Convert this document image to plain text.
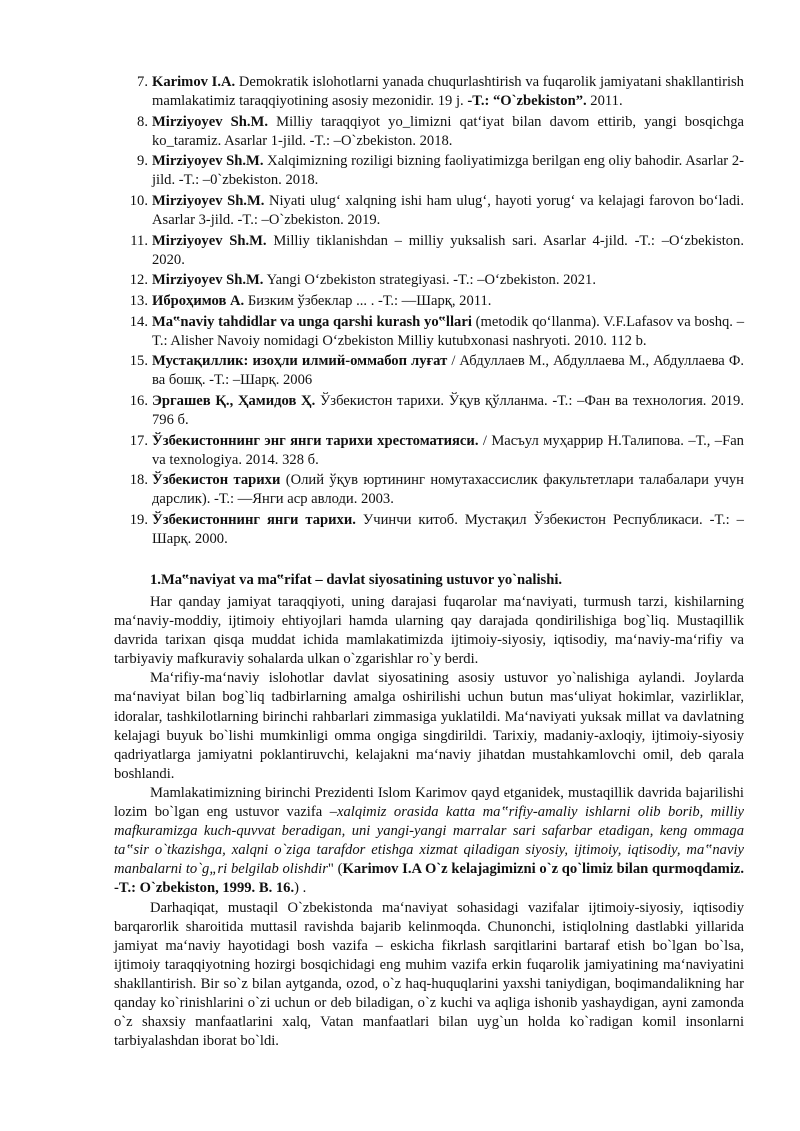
7. Karimov I.A. Demokratik islohotlarni yanada chuqurlashtirish va fuqarolik jamiyatani shakllantirish mamlakatimiz taraqqiyotining asosiy mezonidir. 19 j. -T.: “O`zbekiston”. 2011.
8. Mirziyoyev Sh.M. Milliy taraqqiyot yo_limizni qat‘iyat bilan davom ettirib, yangi bosqichga ko_taramiz. Asarlar 1-jild. -T.: –O`zbekiston. 2018.
9. Mirziyoyev Sh.M. Xalqimizning roziligi bizning faoliyatimizga berilgan eng oliy bahodir. Asarlar 2-jild. -T.: –0`zbekiston. 2018.
10. Mirziyoyev Sh.M. Niyati ulug‘ xalqning ishi ham ulug‘, hayoti yorug‘ va kelajagi farovon bo‘ladi. Asarlar 3-jild. -T.: –O`zbekiston. 2019.
11. Mirziyoyev Sh.M. Milliy tiklanishdan – milliy yuksalish sari. Asarlar 4-jild. -T.: –O‘zbekiston. 2020.
12. Mirziyoyev Sh.M. Yangi O‘zbekiston strategiyasi. -T.: –O‘zbekiston. 2021.
13. Иброҳимов А. Бизким ўзбеклар ... . -Т.: —Шарқ, 2011.
14. Ma‟naviy tahdidlar va unga qarshi kurash yo‟llari (metodik qo‘llanma). V.F.Lafasov va boshq. –T.: Alisher Navoiy nomidagi O‘zbekiston Milliy kutubxonasi nashryoti. 2010. 112 b.
15. Мустақиллик: изоҳли илмий-оммабоп луғат / Абдуллаев М., Абдуллаева М., Абдуллаева Ф. ва бошқ. -Т.: –Шарқ. 2006
16. Эргашев Қ., Ҳамидов Ҳ. Ўзбекистон тарихи. Ўқув қўлланма. -Т.: –Фан ва технология. 2019. 796 б.
17. Ўзбекистоннинг энг янги тарихи хрестоматияси. / Масъул муҳаррир Н.Талипова. –Т., –Fan va texnologiya. 2014. 328 б.
18. Ўзбекистон тарихи (Олий ўқув юртининг номутахассислик факультетлари талабалари учун дарслик). -Т.: —Янги аср авлоди. 2003.
19. Ўзбекистоннинг янги тарихи. Учинчи китоб. Мустақил Ўзбекистон Республикаси. -Т.: –Шарқ. 2000.
1.Ma‟naviyat va ma‟rifat – davlat siyosatining ustuvor yo`nalishi.

Har qanday jamiyat taraqqiyoti, uning darajasi fuqarolar ma‘naviyati, turmush tarzi, kishilarning ma‘naviy-moddiy, ijtimoiy ehtiyojlari hamda ularning qay darajada qondirilishiga bog`liq. Mustaqillik davrida tarixan qisqa muddat ichida mamlakatimizda ijtimoiy-siyosiy, iqtisodiy, ma‘naviy-ma‘rifiy va tarbiyaviy mafkuraviy sohalarda ulkan o`zgarishlar ro`y berdi.

Ma‘rifiy-ma‘naviy islohotlar davlat siyosatining asosiy ustuvor yo`nalishiga aylandi. Joylarda ma‘naviyat bilan bog`liq tadbirlarning amalga oshirilishi uchun butun mas‘uliyat hokimlar, vazirliklar, idoralar, tashkilotlarning birinchi rahbarlari zimmasiga yuklatildi. Ma‘naviyati yuksak millat va davlatning kelajagi buyuk bo`lishi mumkinligi omma ongiga singdirildi. Tarixiy, madaniy-axloqiy, ijtimoiy-siyosiy qadriyatlarga jamiyatni poklantiruvchi, kelajakni ma‘naviy jihatdan mustahkamlovchi omil, deb qarala boshlandi.

Mamlakatimizning birinchi Prezidenti Islom Karimov qayd etganidek, mustaqillik davrida bajarilishi lozim bo`lgan eng ustuvor vazifa –xalqimiz orasida katta ma‟rifiy-amaliy ishlarni olib borib, milliy mafkuramizga kuch-quvvat beradigan, uni yangi-yangi marralar sari safarbar etadigan, keng ommaga ta‟sir o`tkazishga, xalqni o`ziga tarafdor etishga xizmat qiladigan siyosiy, ijtimoiy, iqtisodiy, ma‟naviy manbalarni to`g„ri belgilab olishdir" (Karimov I.A O`z kelajagimizni o`z qo`limiz bilan qurmoqdamiz. -T.: O`zbekiston, 1999. B. 16.) .

Darhaqiqat, mustaqil O`zbekistonda ma‘naviyat sohasidagi vazifalar ijtimoiy-siyosiy, iqtisodiy barqarorlik sharoitida muttasil ravishda bajarib kelinmoqda. Chunonchi, istiqlolning dastlabki yillarida jamiyat ma‘naviy hayotidagi bosh vazifa – eskicha fikrlash sarqitlarini bartaraf etish bo`lgan bo`lsa, ijtimoiy taraqqiyotning hozirgi bosqichidagi eng muhim vazifa erkin fuqarolik jamiyatining ma‘naviyatini shakllantirish. Bir so`z bilan aytganda, ozod, o`z haq-huquqlarini yaxshi taniydigan, boqimandalikning har qanday ko`rinishlarini o`zi uchun or deb biladigan, o`z kuchi va aqliga ishonib yashaydigan, ayni zamonda o`z shaxsiy manfaatlarini xalq, Vatan manfaatlari bilan uyg`un holda ko`radigan komil insonlarni tarbiyalashdan iborat bo`ldi.
